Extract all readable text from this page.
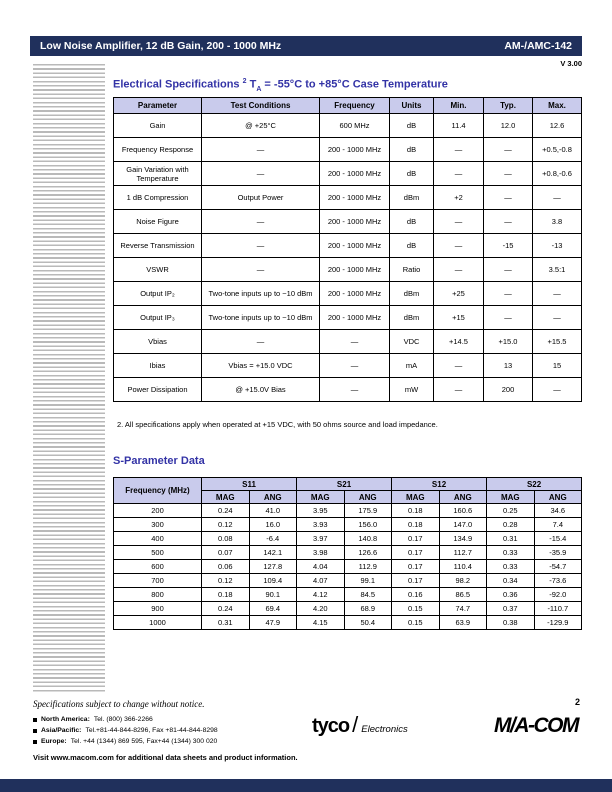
Low Noise Amplifier, 12 dB Gain, 200 - 1000 MHz	AM-/AMC-142
V 3.00
Electrical Specifications $^2$ $T_A = -55^\circ C$ to +85°C Case Temperature
Parameter	Test Conditions	Frequency	Units	Min.	Typ.	Max.
Gain	@ +25°C	600 MHz	dB	11.4	12.0	12.6
Frequency Response	—	200 - 1000 MHz	dB	—	—	+0.5,-0.8
Gain Variation with Temperature	—	200 - 1000 MHz	dB	—	—	+0.8,-0.6
1 dB Compression	Output Power	200 - 1000 MHz	dBm	+2	—	—
Noise Figure	—	200 - 1000 MHz	dB	—	—	3.8
Reverse Transmission	—	200 - 1000 MHz	dB	—	-15	-13
VSWR	—	200 - 1000 MHz	Ratio	—	—	3.5:1
Output IP₂	Two-tone inputs up to −10 dBm	200 - 1000 MHz	dBm	+25	—	—
Output IP₃	Two-tone inputs up to −10 dBm	200 - 1000 MHz	dBm	+15	—	—
Vbias	—	—	VDC	+14.5	+15.0	+15.5
Ibias	Vbias = +15.0 VDC	—	mA	—	13	15
Power Dissipation	@ +15.0V Bias	—	mW	—	200	—
2. All specifications apply when operated at +15 VDC, with 50 ohms source and load impedance.
S-Parameter Data
Frequency (MHz)	S11		S21		S12		S22	
	MAG	ANG	MAG	ANG	MAG	ANG	MAG	ANG
200	0.24	41.0	3.95	175.9	0.18	160.6	0.25	34.6
300	0.12	16.0	3.93	156.0	0.18	147.0	0.28	7.4
400	0.08	-6.4	3.97	140.8	0.17	134.9	0.31	-15.4
500	0.07	142.1	3.98	126.6	0.17	112.7	0.33	-35.9
600	0.06	127.8	4.04	112.9	0.17	110.4	0.33	-54.7
700	0.12	109.4	4.07	99.1	0.17	98.2	0.34	-73.6
800	0.18	90.1	4.12	84.5	0.16	86.5	0.36	-92.0
900	0.24	69.4	4.20	68.9	0.15	74.7	0.37	-110.7
1000	0.31	47.9	4.15	50.4	0.15	63.9	0.38	-129.9
Specifications subject to change without notice.	2
North America: Tel. (800) 366-2266
Asia/Pacific: Tel.+81-44-844-8296, Fax +81-44-844-8298
Europe: Tel. +44 (1344) 869 595, Fax+44 (1344) 300 020
Visit www.macom.com for additional data sheets and product information.
tyco / Electronics	M/A-COM
